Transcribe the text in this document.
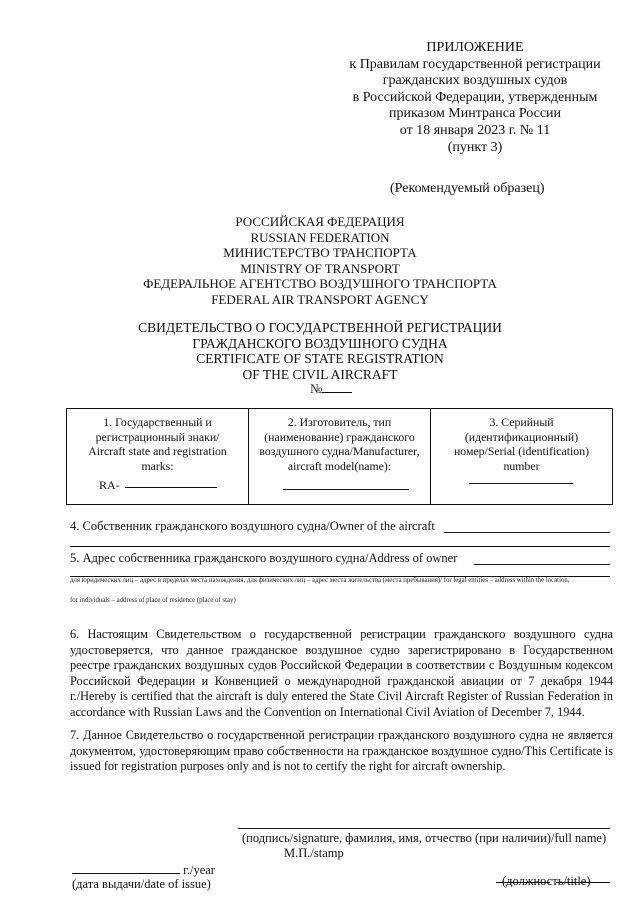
ПРИЛОЖЕНИЕ
к Правилам государственной регистрации
гражданских воздушных судов
в Российской Федерации, утвержденным
приказом Минтранса России
от 18 января 2023 г. № 11
(пункт 3)
(Рекомендуемый образец)
РОССИЙСКАЯ ФЕДЕРАЦИЯ
RUSSIAN FEDERATION
МИНИСТЕРСТВО ТРАНСПОРТА
MINISTRY OF TRANSPORT
ФЕДЕРАЛЬНОЕ АГЕНТСТВО ВОЗДУШНОГО ТРАНСПОРТА
FEDERAL AIR TRANSPORT AGENCY
СВИДЕТЕЛЬСТВО О ГОСУДАРСТВЕННОЙ РЕГИСТРАЦИИ
ГРАЖДАНСКОГО ВОЗДУШНОГО СУДНА
CERTIFICATE OF STATE REGISTRATION
OF THE CIVIL AIRCRAFT
№
1. Государственный и
регистрационный знаки/
Aircraft state and registration
marks:
RA-
2. Изготовитель, тип
(наименование) гражданского
воздушного судна/Manufacturer,
aircraft model(name):
3. Серийный
(идентификационный)
номер/Serial (identification)
number
4. Собственник гражданского воздушного судна/Owner of the aircraft
5. Адрес собственника гражданского воздушного судна/Address of owner
для юридических лиц – адрес в пределах места нахождения, для физических лиц – адрес места жительства (места пребывания)/ for legal entities – address within the location,
for individuals – address of place of residence (place of stay)
6. Настоящим Свидетельством о государственной регистрации гражданского воздушного судна удостоверяется, что данное гражданское воздушное судно зарегистрировано в Государственном реестре гражданских воздушных судов Российской Федерации в соответствии с Воздушным кодексом Российской Федерации и Конвенцией о международной гражданской авиации от 7 декабря 1944 г./Hereby is certified that the aircraft is duly entered the State Civil Aircraft Register of Russian Federation in accordance with Russian Laws and the Convention on International Civil Aviation of December 7, 1944.
7. Данное Свидетельство о государственной регистрации гражданского воздушного судна не является документом, удостоверяющим право собственности на гражданское воздушное судно/This Certificate is issued for registration purposes only and is not to certify the right for aircraft ownership.
(подпись/signature, фамилия, имя, отчество (при наличии)/full name)
М.П./stamp
г./year
(дата выдачи/date of issue)	(должность/title)
